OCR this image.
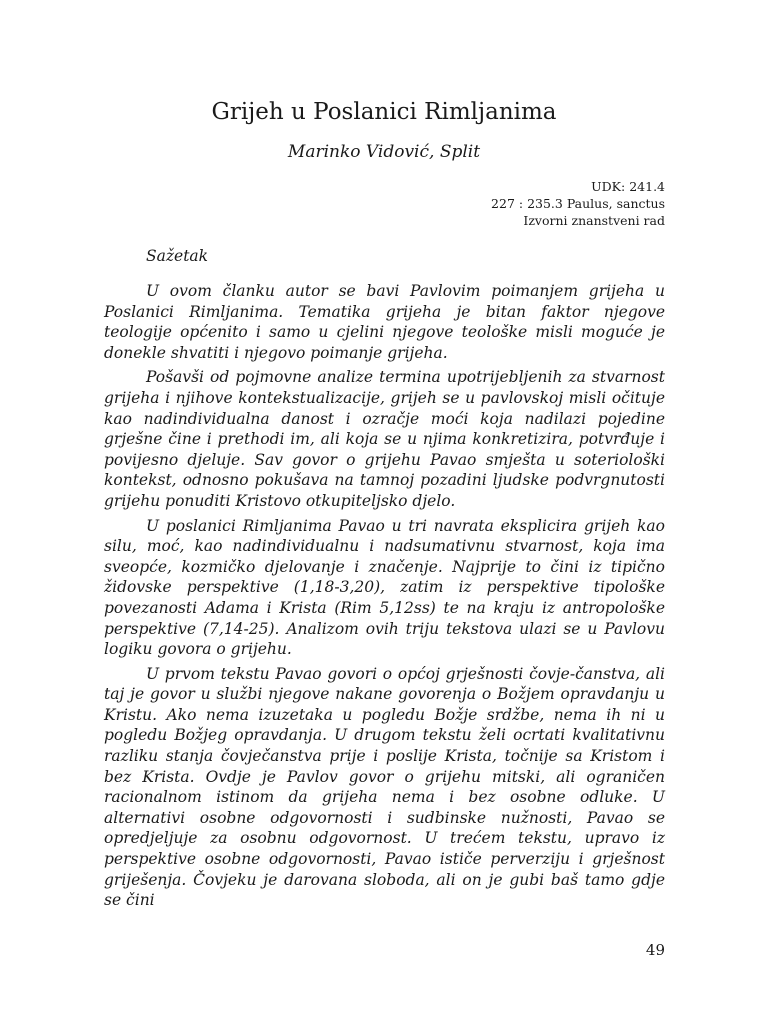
Grijeh u Poslanici Rimljanima
Marinko Vidović, Split
UDK: 241.4
227 : 235.3 Paulus, sanctus
Izvorni znanstveni rad
Sažetak

U ovom članku autor se bavi Pavlovim poimanjem grijeha u Poslanici Rimljanima. Tematika grijeha je bitan faktor njegove teologije općenito i samo u cjelini njegove teološke misli moguće je donekle shvatiti i njegovo poimanje grijeha.

Pošavši od pojmovne analize termina upotrijebljenih za stvarnost grijeha i njihove kontekstualizacije, grijeh se u pavlovskoj misli očituje kao nadindividualna danost i ozračje moći koja nadilazi pojedine grješne čine i prethodi im, ali koja se u njima konkretizira, potvrđuje i povijesno djeluje. Sav govor o grijehu Pavao smješta u soteriološki kontekst, odnosno pokušava na tamnoj pozadini ljudske podvrgnutosti grijehu ponuditi Kristovo otkupiteljsko djelo.

U poslanici Rimljanima Pavao u tri navrata eksplicira grijeh kao silu, moć, kao nadindividualnu i nadsumativnu stvarnost, koja ima sveopće, kozmičko djelovanje i značenje. Najprije to čini iz tipično židovske perspektive (1,18-3,20), zatim iz perspektive tipološke povezanosti Adama i Krista (Rim 5,12ss) te na kraju iz antropološke perspektive (7,14-25). Analizom ovih triju tekstova ulazi se u Pavlovu logiku govora o grijehu.

U prvom tekstu Pavao govori o općoj grješnosti čovje-čanstva, ali taj je govor u službi njegove nakane govorenja o Božjem opravdanju u Kristu. Ako nema izuzetaka u pogledu Božje srdžbe, nema ih ni u pogledu Božjeg opravdanja. U drugom tekstu želi ocrtati kvalitativnu razliku stanja čovječanstva prije i poslije Krista, točnije sa Kristom i bez Krista. Ovdje je Pavlov govor o grijehu mitski, ali ograničen racionalnom istinom da grijeha nema i bez osobne odluke. U alternativi osobne odgovornosti i sudbinske nužnosti, Pavao se opredjeljuje za osobnu odgovornost. U trećem tekstu, upravo iz perspektive osobne odgovornosti, Pavao ističe perverziju i grješnost griješenja. Čovjeku je darovana sloboda, ali on je gubi baš tamo gdje se čini

49
